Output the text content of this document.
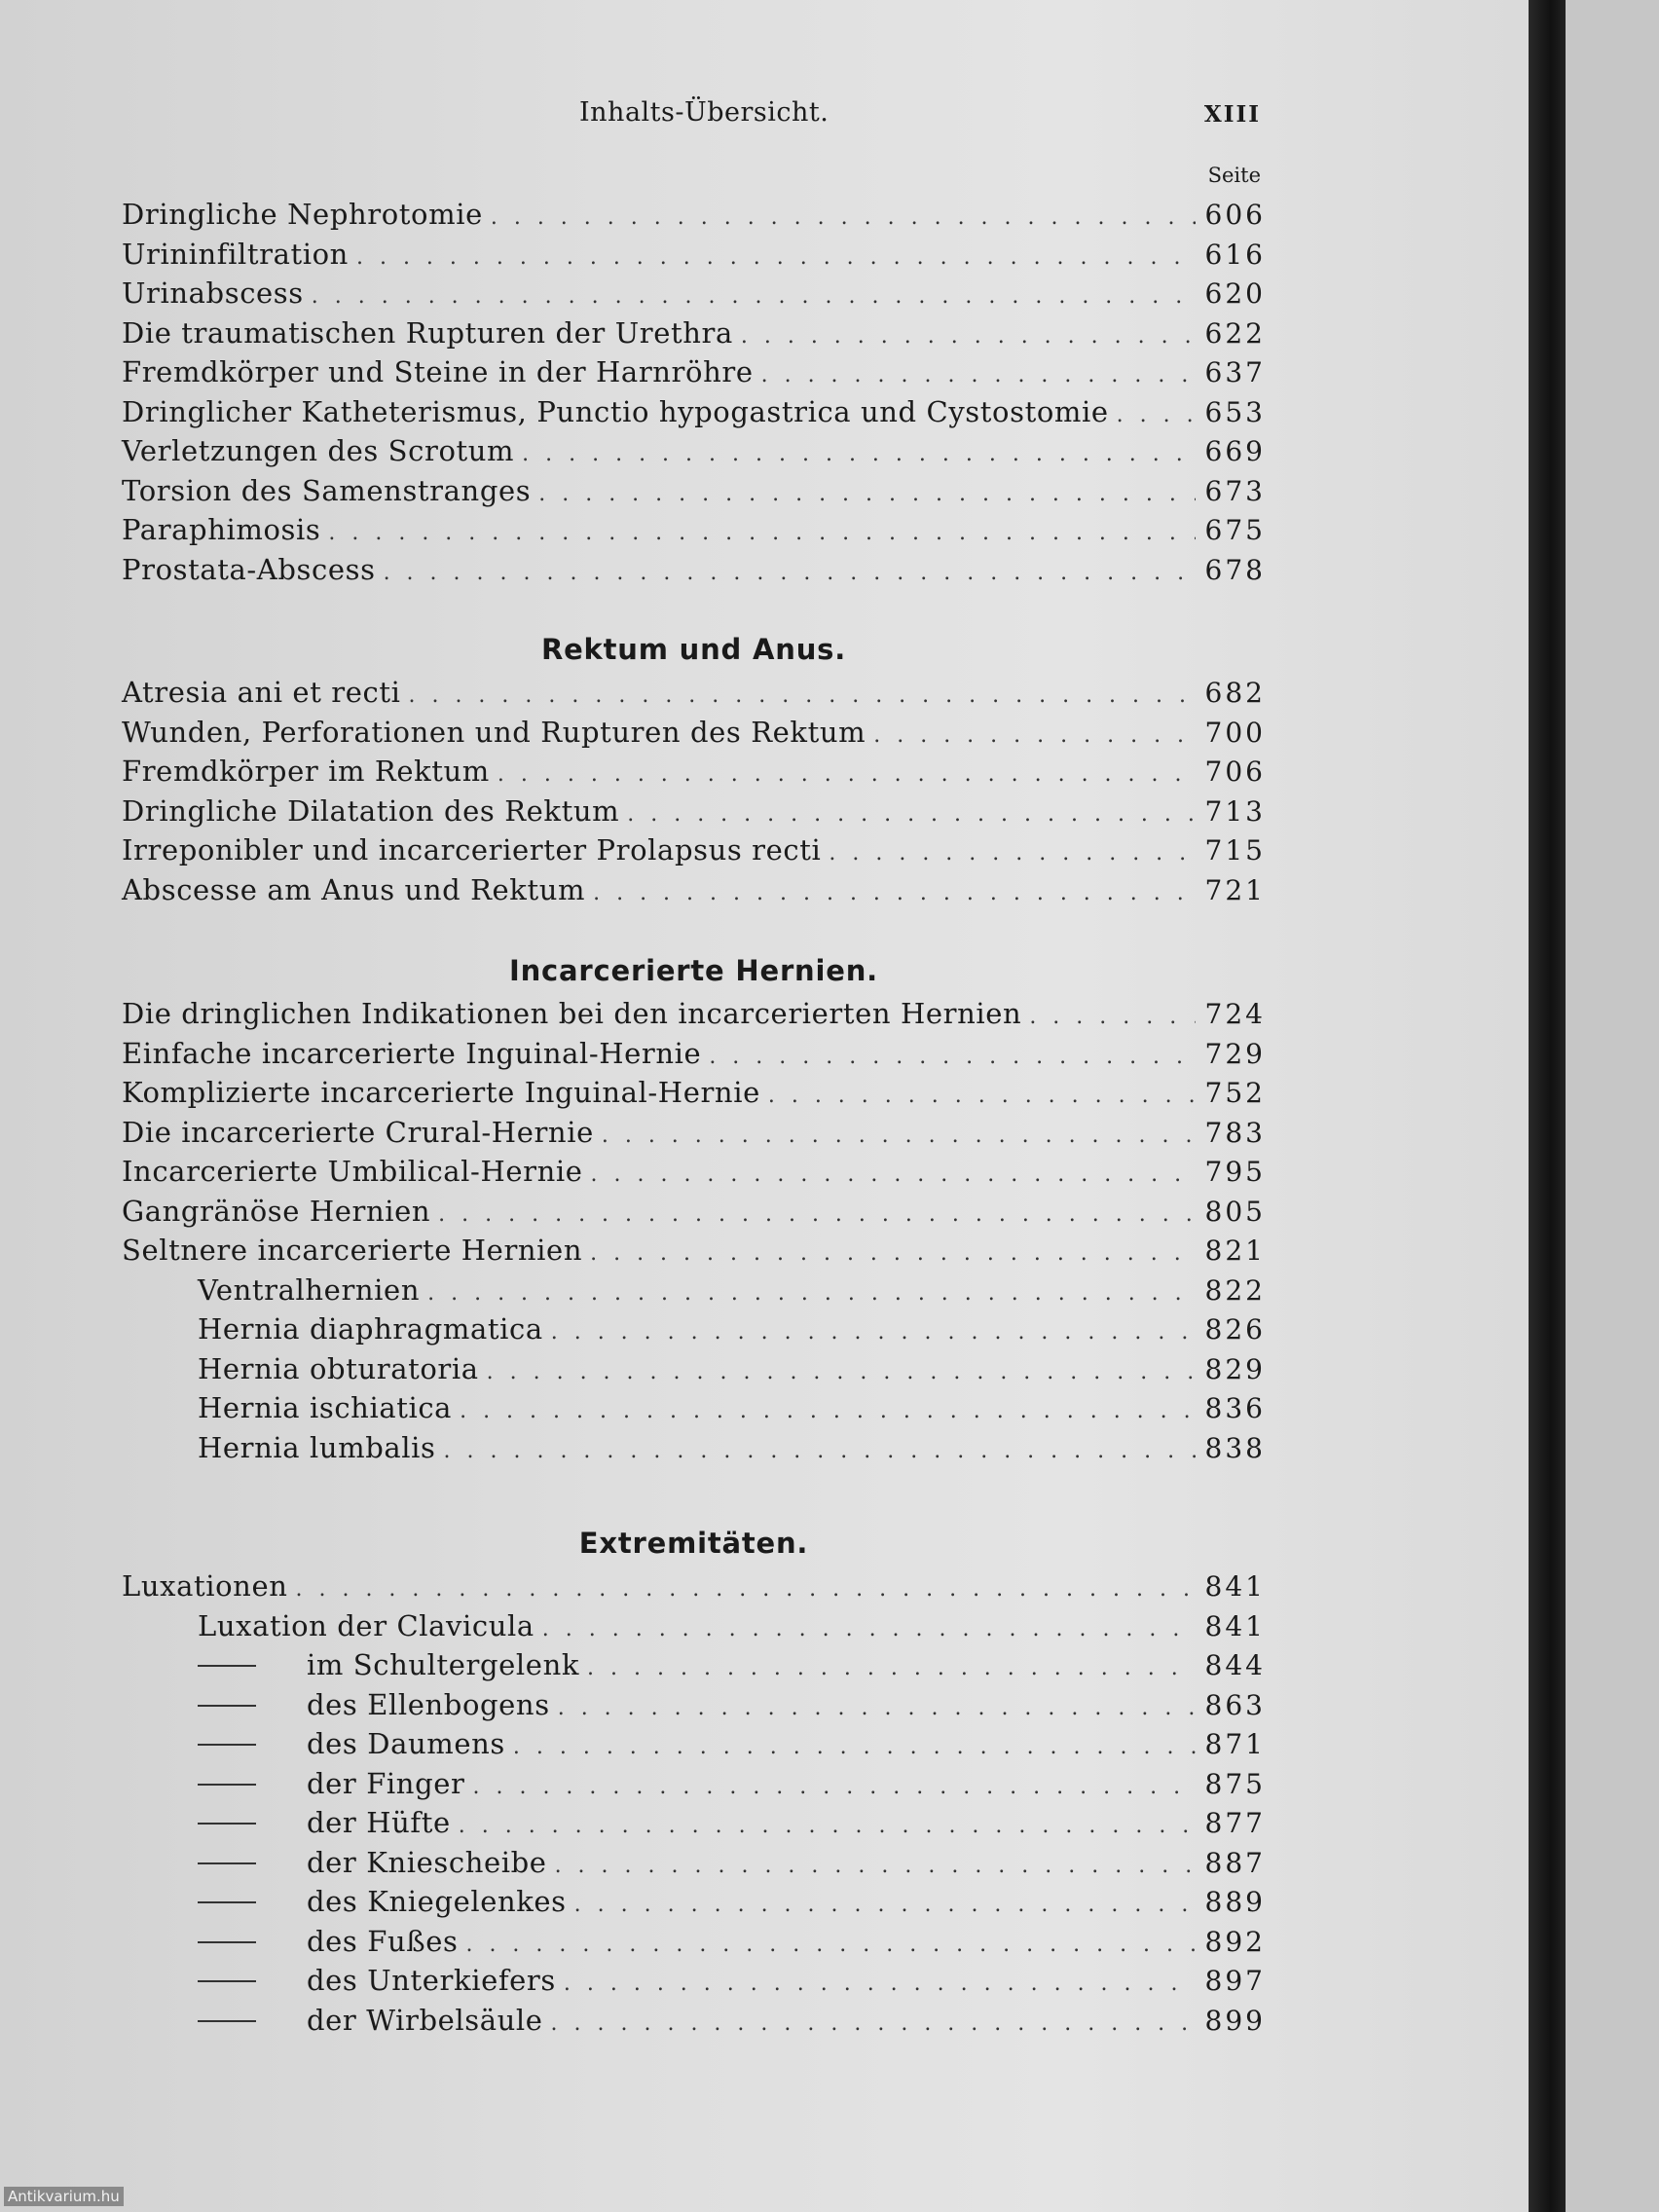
Inhalts-Übersicht.	XIII
Seite
Dringliche Nephrotomie . . .	606
Urininfiltration . . .	616
Urinabscess . . .	620
Die traumatischen Rupturen der Urethra . . .	622
Fremdkörper und Steine in der Harnröhre . . .	637
Dringlicher Katheterismus, Punctio hypogastrica und Cystostomie . . .	653
Verletzungen des Scrotum . . .	669
Torsion des Samenstranges . . .	673
Paraphimosis . . .	675
Prostata-Abscess . . .	678
Rektum und Anus.
Atresia ani et recti . . .	682
Wunden, Perforationen und Rupturen des Rektum . . .	700
Fremdkörper im Rektum . . .	706
Dringliche Dilatation des Rektum . . .	713
Irreponibler und incarcerierter Prolapsus recti . . .	715
Abscesse am Anus und Rektum . . .	721
Incarcerierte Hernien.
Die dringlichen Indikationen bei den incarcerierten Hernien . . .	724
Einfache incarcerierte Inguinal-Hernie . . .	729
Komplizierte incarcerierte Inguinal-Hernie . . .	752
Die incarcerierte Crural-Hernie . . .	783
Incarcerierte Umbilical-Hernie . . .	795
Gangränöse Hernien . . .	805
Seltnere incarcerierte Hernien . . .	821
Ventralhernien . . .	822
Hernia diaphragmatica . . .	826
Hernia obturatoria . . .	829
Hernia ischiatica . . .	836
Hernia lumbalis . . .	838
Extremitäten.
Luxationen . . .	841
Luxation der Clavicula . . .	841
im Schultergelenk . . .	844
des Ellenbogens . . .	863
des Daumens . . .	871
der Finger . . .	875
der Hüfte . . .	877
der Kniescheibe . . .	887
des Kniegelenkes . . .	889
des Fußes . . .	892
des Unterkiefers . . .	897
der Wirbelsäule . . .	899
Antikvarium.hu
